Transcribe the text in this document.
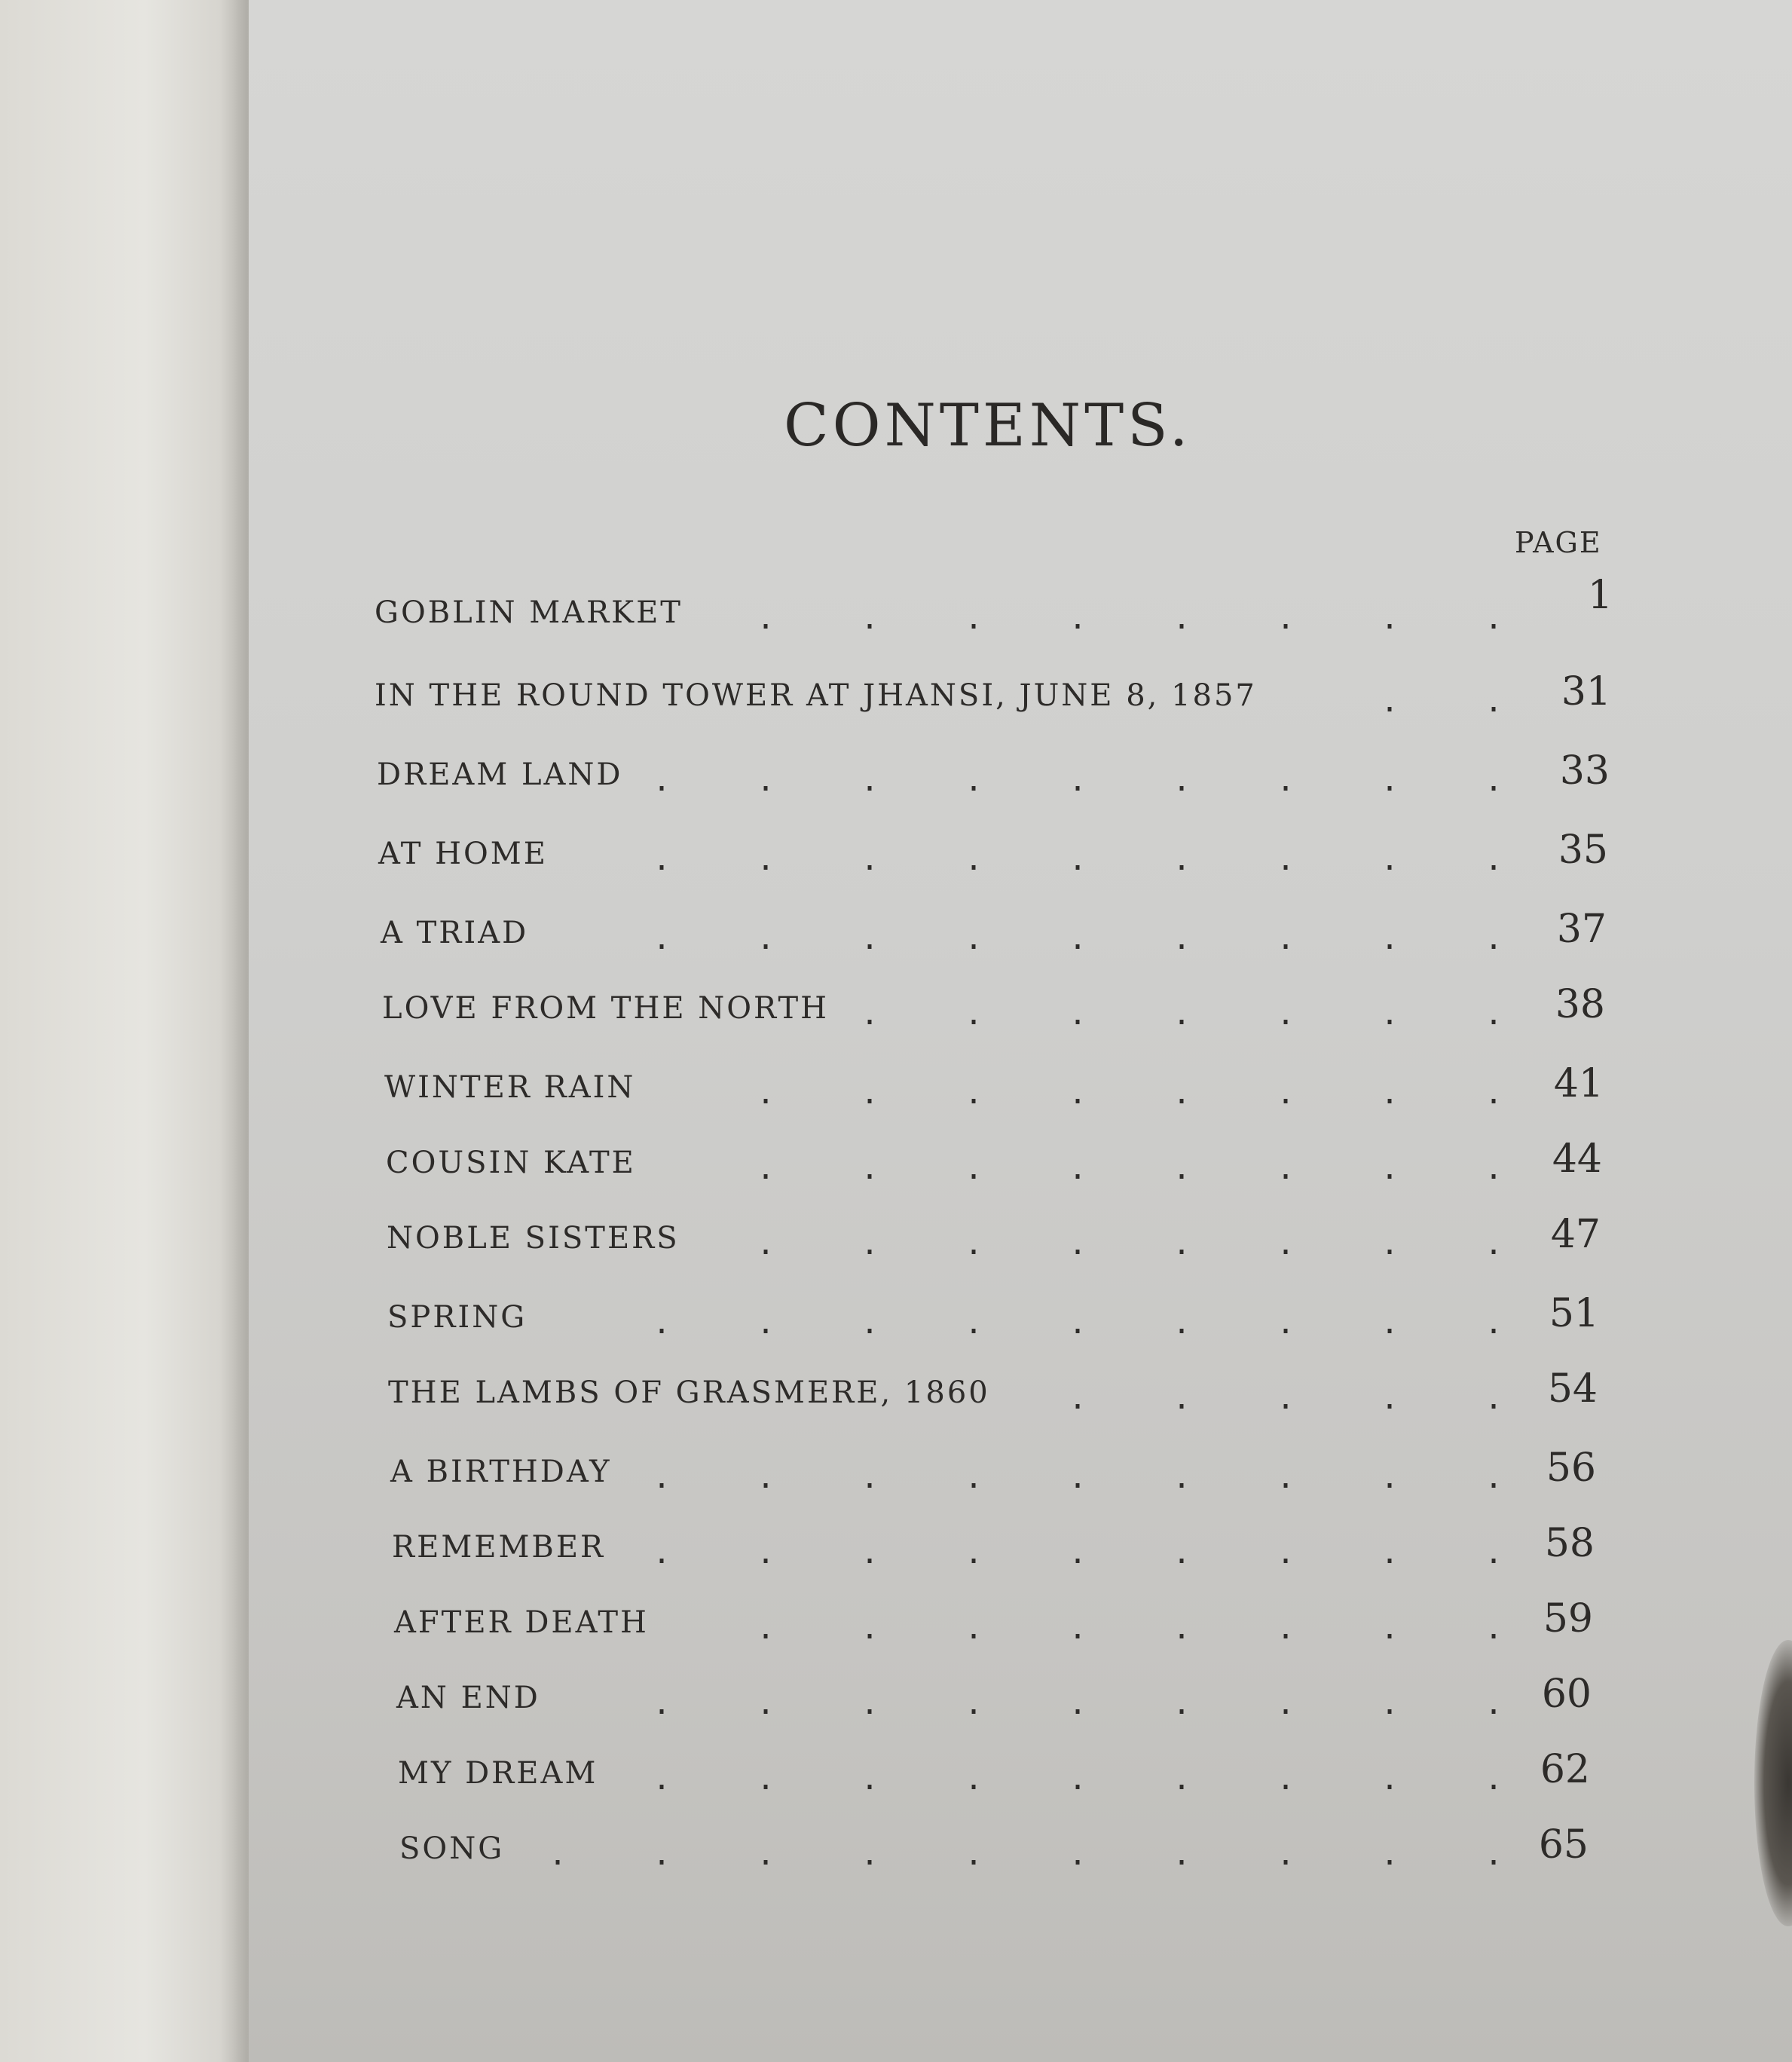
CONTENTS.
PAGE
GOBLIN MARKET	1
.
.
.
.
.
.
.
.
IN THE ROUND TOWER AT JHANSI, JUNE 8, 1857	31
.
.
DREAM LAND	33
.
.
.
.
.
.
.
.
.
AT HOME	35
.
.
.
.
.
.
.
.
.
A TRIAD	37
.
.
.
.
.
.
.
.
.
LOVE FROM THE NORTH	38
.
.
.
.
.
.
.
WINTER RAIN	41
.
.
.
.
.
.
.
.
COUSIN KATE	44
.
.
.
.
.
.
.
.
NOBLE SISTERS	47
.
.
.
.
.
.
.
.
SPRING	51
.
.
.
.
.
.
.
.
.
THE LAMBS OF GRASMERE, 1860	54
.
.
.
.
.
A BIRTHDAY	56
.
.
.
.
.
.
.
.
.
REMEMBER	58
.
.
.
.
.
.
.
.
.
AFTER DEATH	59
.
.
.
.
.
.
.
.
AN END	60
.
.
.
.
.
.
.
.
.
MY DREAM	62
.
.
.
.
.
.
.
.
.
SONG	65
.
.
.
.
.
.
.
.
.
.
